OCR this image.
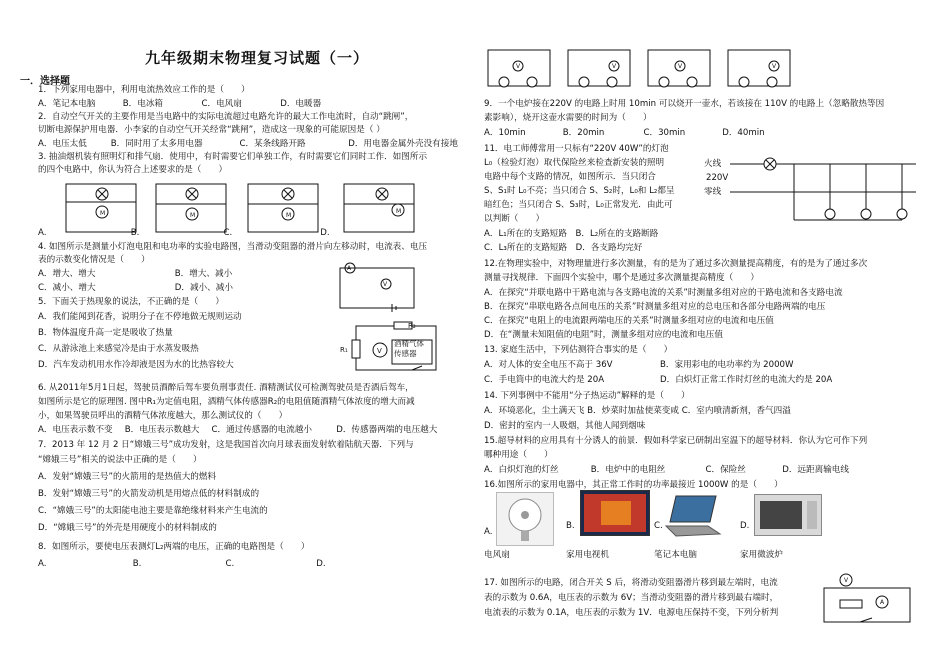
九年级期末物理复习试题（一）
一．选择题
1．下列家用电器中，利用电流热效应工作的是（　　）
A．笔记本电脑	B．电冰箱	C．电风扇	D．电暖器
2．自动空气开关的主要作用是当电路中的实际电流超过电路允许的最大工作电流时，自动“跳闸”，
切断电源保护用电器．小李家的自动空气开关经常“跳闸”，造成这一现象的可能原因是（ ）
A．电压太低	B．同时用了太多用电器	C．某条线路开路	D．用电器金属外壳没有接地
3. 抽油烟机装有照明灯和排气扇．使用中，有时需要它们单独工作，有时需要它们同时工作．如图所示
的四个电路中，你认为符合上述要求的是（　　）
M	M	M
M
A.	B.	C.	D.
4. 如图所示是测量小灯泡电阻和电功率的实验电路图，当滑动变阻器的滑片向左移动时，电流表、电压
表的示数变化情况是（　　）
A．增大、增大	B．增大、减小
C．减小、增大	D．减小、减小
A
V
5．下面关于热现象的说法，不正确的是（　　）
A．我们能闻到花香，说明分子在不停地做无规则运动
B．物体温度升高一定是吸收了热量
C．从游泳池上来感觉冷是由于水蒸发吸热
D．汽车发动机用水作冷却液是因为水的比热容较大
V
R₁
R₂
酒精气体传感器
6. 从2011年5月1日起，驾驶员酒醉后驾车要负刑事责任. 酒精测试仪可检测驾驶员是否酒后驾车，
如图所示是它的原理图. 图中R₁为定值电阻，酒精气体传感器R₂的电阻值随酒精气体浓度的增大而减
小，如果驾驶员呼出的酒精气体浓度越大，那么测试仪的（　　）
A．电压表示数不变 B．电压表示数越大 C．通过传感器的电流越小	D．传感器两端的电压越大
7．2013 年 12 月 2 日“嫦娥三号”成功发射，这是我国首次向月球表面发射软着陆航天器．下列与
“嫦娥三号”相关的说法中正确的是（　　）
A．发射“嫦娥三号”的火箭用的是热值大的燃料
B．发射“嫦娥三号”的火箭发动机是用熔点低的材料制成的
C．“嫦娥三号”的太阳能电池主要是靠绝缘材料来产生电流的
D．“嫦娥三号”的外壳是用硬度小的材料制成的
8．如图所示，要使电压表测灯L₂两端的电压，正确的电路图是（　　）
A.	B.	C.	D.
V	V	V	V
9．一个电炉接在220V 的电路上时用 10min 可以烧开一壶水，若该接在 110V 的电路上（忽略散热等因
素影响），烧开这壶水需要的时间为（　　）
A．10min	B．20min	C．30min	D．40min
11．电工师傅常用一只标有“220V 40W”的灯泡
L₀（检验灯泡）取代保险丝来检查新安装的照明
电路中每个支路的情况，如图所示．当只闭合
S、S₁时 L₀不亮；当只闭合 S、S₂时，L₀和 L₂都呈
暗红色；当只闭合 S、S₃时，L₀正常发光．由此可
以判断（　　）
A．L₁所在的支路短路　B．L₂所在的支路断路
C．L₃所在的支路短路　D．各支路均完好
火线
220V
零线
12.在物理实验中，对物理量进行多次测量，有的是为了通过多次测量提高精度，有的是为了通过多次
测量寻找规律．下面四个实验中，哪个是通过多次测量提高精度（　　）
A．在探究“并联电路中干路电流与各支路电流的关系”时测量多组对应的干路电流和各支路电流
B．在探究“串联电路各点间电压的关系”时测量多组对应的总电压和各部分电路两端的电压
C．在探究“电阻上的电流跟两端电压的关系”时测量多组对应的电流和电压值
D．在“测量未知阻值的电阻”时，测量多组对应的电流和电压值
13. 家庭生活中，下列估测符合事实的是（　　）
A．对人体的安全电压不高于 36V	B．家用彩电的电功率约为 2000W
C．手电筒中的电流大约是 20A	D．白炽灯正常工作时灯丝的电流大约是 20A
14. 下列事例中不能用“分子热运动”解释的是（　　）
A．环境恶化，尘土满天飞 B．炒菜时加盐使菜变咸 C．室内喷清新剂，香气四溢
D．密封的室内一人吸烟，其他人闻到烟味
15.超导材料的应用具有十分诱人的前景．假如科学家已研制出室温下的超导材料．你认为它可作下列
哪种用途（　　）
A．白炽灯泡的灯丝	B．电炉中的电阻丝	C．保险丝	D．远距离输电线
16.如图所示的家用电器中，其正常工作时的功率最接近 1000W 的是（　　）
A.
B.	C.	D.
电风扇	家用电视机	笔记本电脑	家用微波炉
17. 如图所示的电路，闭合开关 S 后，将滑动变阻器滑片移到最左端时，电流
表的示数为 0.6A，电压表的示数为 6V；当滑动变阻器的滑片移到最右端时，
电流表的示数为 0.1A，电压表的示数为 1V．电源电压保持不变，下列分析判
V
A
